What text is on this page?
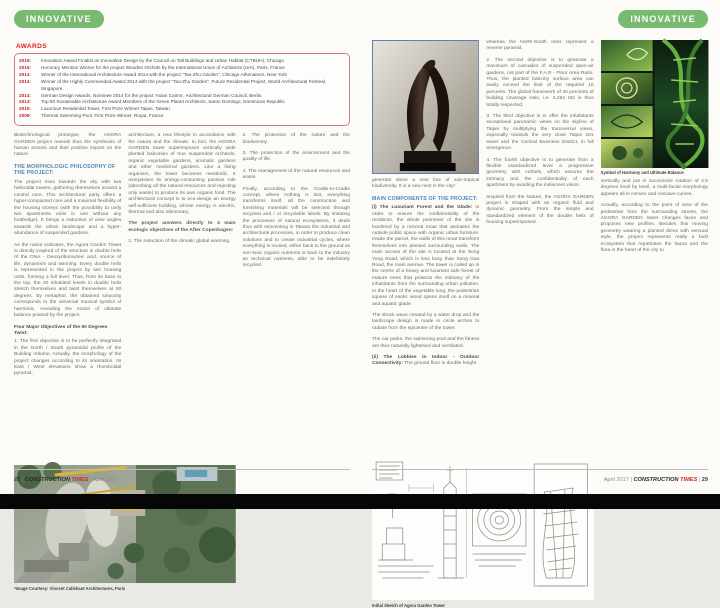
INNOVATIVE
AWARDS
2015:	Innovation Award Finalist on Innovative Design by the Council on Tall Buildings and Urban Habitat (CTBUH), Chicago
2015:	Honorary Mention Winner for the project Wooden Orchids by the International Union of Architects (UIA), Paris, France
2014:	Winner of the International Architecture Award 2014 with the project "Tao-Zhu Garden", Chicago Athenaeum, New York
2014:	Winner of the Highly Commended Award 2014 with the project "Tao-Zhu Garden", Future Residential Project, World Architectural Festival, Singapore.
2014:	German Design Awards, Nominee 2014 for the project 'Asian Cairns', Architectural German Council, Berlin.
2013:	Top 50 Sustainable Architecture Award Members of the Green Planet Architects, Santo Domingo, Dominican Republic
2010:	Luxurious Residential Tower, First Prize Winner Taipei, Taiwan
2009:	Thermal Swimming Pool, First Prize Winner, Royat, France

architecture, a new lifestyle in accordance with the nature and the climate. In fact, the AGORA GARDEN tower superimposes vertically wide planted balconies of true suspended orchards, organic vegetable gardens, aromatic gardens and other medicinal gardens. Like a living organism, the tower becomes metabolic. It overpasses its energy-consuming passive role (absorbing all the natural resources and rejecting only waste) to produce its own organic food. The architectural concept is to eco-design an energy self-sufficient building, whose energy is electric, thermal and also alimentary.

The project answers directly to 4 main ecologic objectives of the After Copenhagen:

1. The reduction of the climatic global warming.

2. The protection of the nature and the biodiversity.

3. The protection of the environment and the quality of life.

4. The management of the natural resources and waste.

Finally, according to the Cradle-to-Cradle concept, where nothing is lost, everything transforms itself, all the construction and furnishing materials will be selected through recycled and / or recyclable labels. By imitating the processes of natural ecosystems, it deals thus with reinventing in Taiwan the industrial and architectural processes, in order to produce clean solutions and to create industrial cycles, where everything is reused, either back to the ground as non-toxic organic nutrients or back to the industry as technical nutrients, able to be indefinitely recycled.

Biotechnological prototype, the AGORA GARDEN project reveals thus the symbiosis of human actions and their positive impact on the nature.

THE MORPHOLOGIC PHILOSOPHY OF THE PROJECT:

The project rises towards the sky with two helicoidal towers, gathering themselves around a central core. This architectural party offers a hyper-compacted core and a maximal flexibility of the housing storeys (with the possibility to unify two apartments units in one without any footbridge). It brings a reduction of view angles towards the urban landscape and a hyper-abundance of suspended gardens.

As the name indicates, the Agora Garden Tower is directly inspired of the structure in double helix of the DNA - Deoxyribonucleic acid, source of life, dynamism and twinning. Every double helix is represented in the project by two housing units, forming a full level. Thus, from its base to the top, the 20 inhabited levels in double helix stretch themselves and twist themselves at 90 degrees. By metaphor, the obtained sinuosity corresponds to the universal musical symbol of harmonic, revealing the notion of ultimate balance praised by the project.

Four Major Objectives of the 90 Degrees Twist:

1. The first objective is to be perfectly integrated in the North / South pyramidal profile of the Building Volume. Actually, the morphology of the project changes according to its orientation. Its East / West elevations show a rhomboidal pyramid,

*Image Courtesy: Vincent Callebaut Architectures, Paris
28 | CONSTRUCTION TIMES | April 2017
INNOVATIVE

whereas the North-South ones represent a reverse pyramid.

2. The second objective is to generate a maximum of cascades of suspended open-air gardens, not part of the F.A.R - Floor Area Ratio. Thus, the planted balcony surface area can easily exceed the limit of the required 10 percents. The global framework of 40 percents of building coverage ratio, i.e. 3,264 M2 is thus totally respected.

3. The third objective is to offer the inhabitants exceptional panoramic views on the skyline of Taipei by multiplying the transversal views, especially towards the very close Taipei 101 tower and the Central Business District, in full emergence.

4. The fourth objective is to generate from a flexible standardized level a progressive geometry with corbels, which assures the intimacy and the confidentiality of each apartment by avoiding the indiscreet vision.

Inspired from the Nature, the AGORA GARDEN project is shaped with an organic fluid and dynamic geometry. From the simple and standardized element of the double helix of housing superimposed

Symbol of Harmony and Ultimate Balance

vertically and put in successive rotation of 4.5 degrees level by level, a multi-facial morphology appears all in convex and concave curves.

Actually, according to the point of view of the pedestrian from the surrounding streets, the AGORA GARDEN tower changes faces and proposes new profiles. Besides this moving geometry wearing a planted dress with sensual style, the project represents really a built ecosystem that repatriates the fauna and the flora in the heart of the city to

generate alone a new box of sub-tropical biodiversity. It is a new nest in the city!

MAIN COMPONENTS OF THE PROJECT:

(i) The Luxuriant Forest and the Glade: In order to ensure the confidentiality of the residents, the whole perimeter of the site is bordered by a mineral moat that animates the outside public space with organic urban furniture. Inside the parcel, the walls of this moat transform themselves into planted surrounding walls. The main access of the site is located at the Song Yong Road, which is less busy than Song Gao Road, the main avenue. The tower is coiled up in the centre of a heavy and luxuriant safe forest of mature trees that protects the intimacy of the inhabitants from the surrounding urban pollution. In the heart of the vegetable lung, the pedestrian square of exotic wood opens itself on a mineral and aquatic glade.

The shock wave created by a water drop and the landscape design is made in circle arches to radiate from the epicentre of the tower.

The car parks, the swimming pool and the fitness are thus naturally lightened and ventilated.

(ii) The Lobbies in Indoor - Outdoor Connectivity: The ground floor in double height

Initial Sketch of Agora Garden Tower
April 2017 | CONSTRUCTION TIMES | 29
